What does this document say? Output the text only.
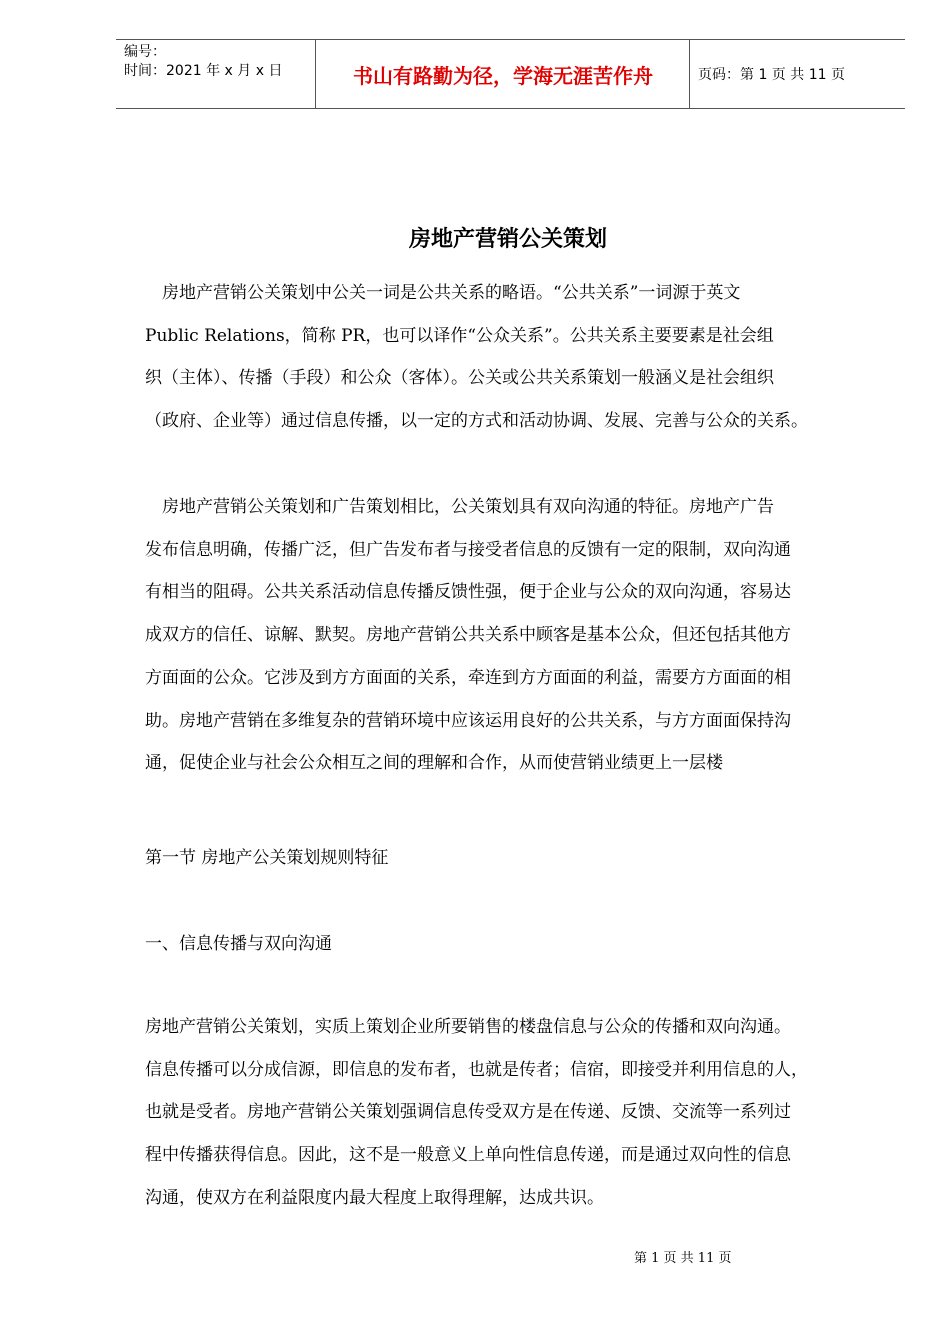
编号：
时间：2021 年 x 月 x 日	书山有路勤为径，学海无涯苦作舟	页码：第 1 页 共 11 页
房地产营销公关策划
　房地产营销公关策划中公关一词是公共关系的略语。“公共关系”一词源于英文
Public Relations，简称 PR，也可以译作“公众关系”。公共关系主要要素是社会组
织（主体）、传播（手段）和公众（客体）。公关或公共关系策划一般涵义是社会组织
（政府、企业等）通过信息传播，以一定的方式和活动协调、发展、完善与公众的关系。
　房地产营销公关策划和广告策划相比，公关策划具有双向沟通的特征。房地产广告
发布信息明确，传播广泛，但广告发布者与接受者信息的反馈有一定的限制，双向沟通
有相当的阻碍。公共关系活动信息传播反馈性强，便于企业与公众的双向沟通，容易达
成双方的信任、谅解、默契。房地产营销公共关系中顾客是基本公众，但还包括其他方
方面面的公众。它涉及到方方面面的关系，牵连到方方面面的利益，需要方方面面的相
助。房地产营销在多维复杂的营销环境中应该运用良好的公共关系，与方方面面保持沟
通，促使企业与社会公众相互之间的理解和合作，从而使营销业绩更上一层楼
第一节 房地产公关策划规则特征
一、信息传播与双向沟通
房地产营销公关策划，实质上策划企业所要销售的楼盘信息与公众的传播和双向沟通。
信息传播可以分成信源，即信息的发布者，也就是传者；信宿，即接受并利用信息的人，
也就是受者。房地产营销公关策划强调信息传受双方是在传递、反馈、交流等一系列过
程中传播获得信息。因此，这不是一般意义上单向性信息传递，而是通过双向性的信息
沟通，使双方在利益限度内最大程度上取得理解，达成共识。
第 1 页 共 11 页
